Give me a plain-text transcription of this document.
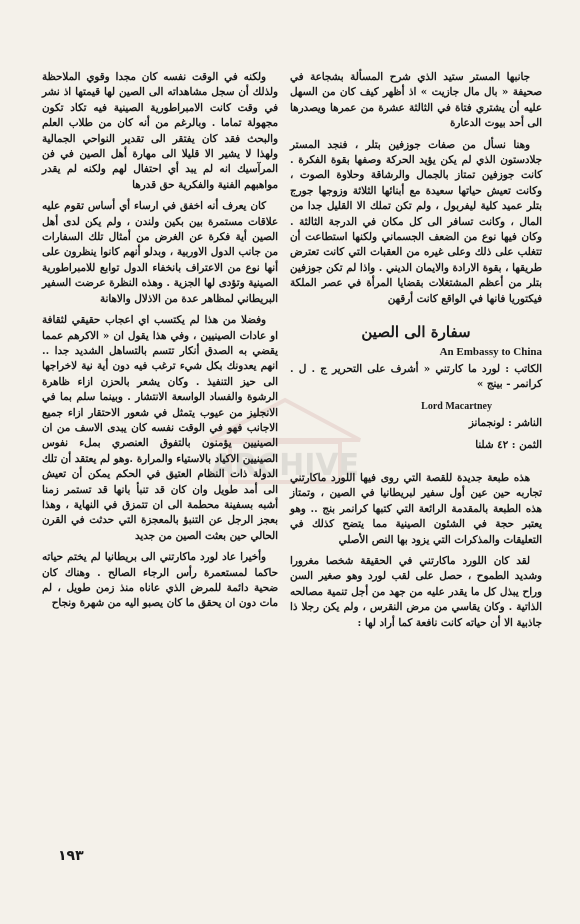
ARCHIVE

جانبها المستر ستيد الذي شرح المسألة بشجاعة في صحيفة « بال مال جازيت » اذ أظهر كيف كان من السهل عليه أن يشتري فتاة في الثالثة عشرة من عمرها ويصدرها الى أحد بيوت الدعارة

وهنا نسأل من صفات جوزفين بتلر ، فنجد المستر جلادستون الذي لم يكن يؤيد الحركة وصفها بقوة الفكرة . كانت جوزفين تمتاز بالجمال والرشاقة وحلاوة الصوت ، وكانت تعيش حياتها سعيدة مع أبنائها الثلاثة وزوجها جورج بتلر عميد كلية ليفربول ، ولم تكن تملك الا القليل جدا من المال ، وكانت تسافر الى كل مكان في الدرجة الثالثة . وكان فيها نوع من الضعف الجسماني ولكنها استطاعت أن تتغلب على ذلك وعلى غيره من العقبات التي كانت تعترض طريقها ، بقوة الارادة والايمان الديني . واذا لم تكن جوزفين بتلر من أعظم المشتغلات بقضايا المرأة في عصر الملكة فيكتوريا فانها في الواقع كانت أرقهن

سفارة الى الصين
An Embassy to China

الكاتب : لورد ما كارتني « أشرف على التحرير ج . ل . كرانمر - بينج »

Lord Macartney

الناشر : لونجمانز

الثمن : ٤٢ شلنا

هذه طبعة جديدة للقصة التي روى فيها اللورد ماكارتني تجاربه حين عين أول سفير لبريطانيا في الصين ، وتمتاز هذه الطبعة بالمقدمة الرائعة التي كتبها كرانمر بنج .. وهو يعتبر حجة في الشئون الصينية مما يتضح كذلك في التعليقات والمذكرات التي يزود بها النص الأصلي

لقد كان اللورد ماكارتني في الحقيقة شخصا مغرورا وشديد الطموح ، حصل على لقب لورد وهو صغير السن وراح يبذل كل ما يقدر عليه من جهد من أجل تنمية مصالحه الذاتية . وكان يقاسي من مرض النقرس ، ولم يكن رجلا ذا جاذبية الا أن حياته كانت نافعة كما أراد لها :

ولكنه في الوقت نفسه كان مجدا وقوي الملاحظة ولذلك أن سجل مشاهداته الى الصين لها قيمتها اذ نشر في وقت كانت الامبراطورية الصينية فيه تكاد تكون مجهولة تماما . وبالرغم من أنه كان من طلاب العلم والبحث فقد كان يفتقر الى تقدير النواحي الجمالية ولهذا لا يشير الا قليلا الى مهارة أهل الصين في فن المرآسيك انه لم يبد أي احتفال لهم ولكنه لم يقدر مواهبهم الفنية والفكرية حق قدرها

كان يعرف أنه اخفق في ارساء أي أساس تقوم عليه علاقات مستمرة بين بكين ولندن ، ولم يكن لدى أهل الصين أية فكرة عن الغرض من أمثال تلك السفارات من جانب الدول الاوربية ، وبدلو أنهم كانوا ينظرون على أنها نوع من الاعتراف بانخفاء الدول توابع للامبراطورية الصينية وتؤدى لها الجزية . وهذه النظرة عرضت السفير البريطاني لمظاهر عدة من الاذلال والاهانة

وفضلا من هذا لم يكتسب اي اعجاب حقيقي لثقافة او عادات الصينيين ، وفي هذا يقول ان « الاكرهم عمما يقضي به الصدق أنكار تتسم بالتساهل الشديد جدا .. انهم يعدونك بكل شيء ترغب فيه دون أية نية لاخراجها الى حيز التنفيذ . وكان يشعر بالحزن ازاء ظاهرة الرشوة والفساد الواسعة الانتشار . وبينما سلم بما في الانجليز من عيوب يتمثل في شعور الاحتقار ازاء جميع الاجانب فهو في الوقت نفسه كان يبدى الاسف من ان الصينيين يؤمنون بالتفوق العنصري بملء نفوس الصينيين الاكياد بالاستياء والمرارة .وهو لم يعتقد أن تلك الدولة ذات النظام العتيق في الحكم يمكن أن تعيش الى أمد طويل وان كان قد تنبأ بانها قد تستمر زمنا أشبه بسفينة محطمة الى ان تتمزق في النهاية ، وهذا بعجز الرجل عن التنبؤ بالمعجزة التي حدثت في القرن الحالي حين بعثت الصين من جديد

وأخيرا عاد لورد ماكارتني الى بريطانيا لم يختم حياته حاكما لمستعمرة رأس الرجاء الصالح . وهناك كان ضحية دائمة للمرض الذي عاناه منذ زمن طويل ، لم مات دون ان يحقق ما كان يصبو اليه من شهرة ونجاح

١٩٣
